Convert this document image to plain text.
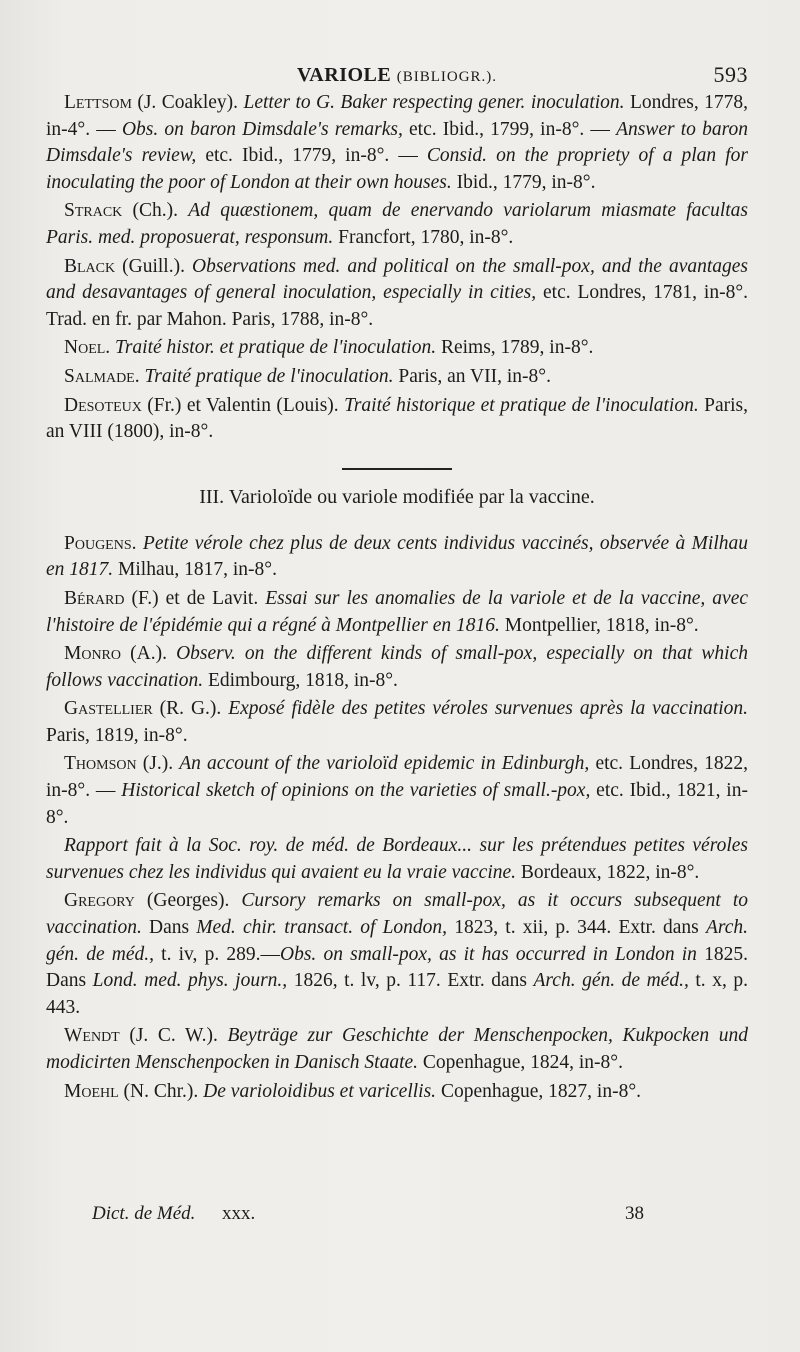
VARIOLE (BIBLIOGR.).	593

Lettsom (J. Coakley). Letter to G. Baker respecting gener. inoculation. Londres, 1778, in-4°. — Obs. on baron Dimsdale's remarks, etc. Ibid., 1799, in-8°. — Answer to baron Dimsdale's review, etc. Ibid., 1779, in-8°. — Consid. on the propriety of a plan for inoculating the poor of London at their own houses. Ibid., 1779, in-8°.

Strack (Ch.). Ad quæstionem, quam de enervando variolarum miasmate facultas Paris. med. proposuerat, responsum. Francfort, 1780, in-8°.

Black (Guill.). Observations med. and political on the small-pox, and the avantages and desavantages of general inoculation, especially in cities, etc. Londres, 1781, in-8°. Trad. en fr. par Mahon. Paris, 1788, in-8°.

Noel. Traité histor. et pratique de l'inoculation. Reims, 1789, in-8°.

Salmade. Traité pratique de l'inoculation. Paris, an VII, in-8°.

Desoteux (Fr.) et Valentin (Louis). Traité historique et pratique de l'inoculation. Paris, an VIII (1800), in-8°.

III. Varioloïde ou variole modifiée par la vaccine.

Pougens. Petite vérole chez plus de deux cents individus vaccinés, observée à Milhau en 1817. Milhau, 1817, in-8°.

Bérard (F.) et de Lavit. Essai sur les anomalies de la variole et de la vaccine, avec l'histoire de l'épidémie qui a régné à Montpellier en 1816. Montpellier, 1818, in-8°.

Monro (A.). Observ. on the different kinds of small-pox, especially on that which follows vaccination. Edimbourg, 1818, in-8°.

Gastellier (R. G.). Exposé fidèle des petites véroles survenues après la vaccination. Paris, 1819, in-8°.

Thomson (J.). An account of the varioloïd epidemic in Edinburgh, etc. Londres, 1822, in-8°. — Historical sketch of opinions on the varieties of small.-pox, etc. Ibid., 1821, in-8°.

Rapport fait à la Soc. roy. de méd. de Bordeaux... sur les prétendues petites véroles survenues chez les individus qui avaient eu la vraie vaccine. Bordeaux, 1822, in-8°.

Gregory (Georges). Cursory remarks on small-pox, as it occurs subsequent to vaccination. Dans Med. chir. transact. of London, 1823, t. xii, p. 344. Extr. dans Arch. gén. de méd., t. iv, p. 289.—Obs. on small-pox, as it has occurred in London in 1825. Dans Lond. med. phys. journ., 1826, t. lv, p. 117. Extr. dans Arch. gén. de méd., t. x, p. 443.

Wendt (J. C. W.). Beyträge zur Geschichte der Menschenpocken, Kukpocken und modicirten Menschenpocken in Danisch Staate. Copenhague, 1824, in-8°.

Moehl (N. Chr.). De varioloidibus et varicellis. Copenhague, 1827, in-8°.

Dict. de Méd. xxx.	38
